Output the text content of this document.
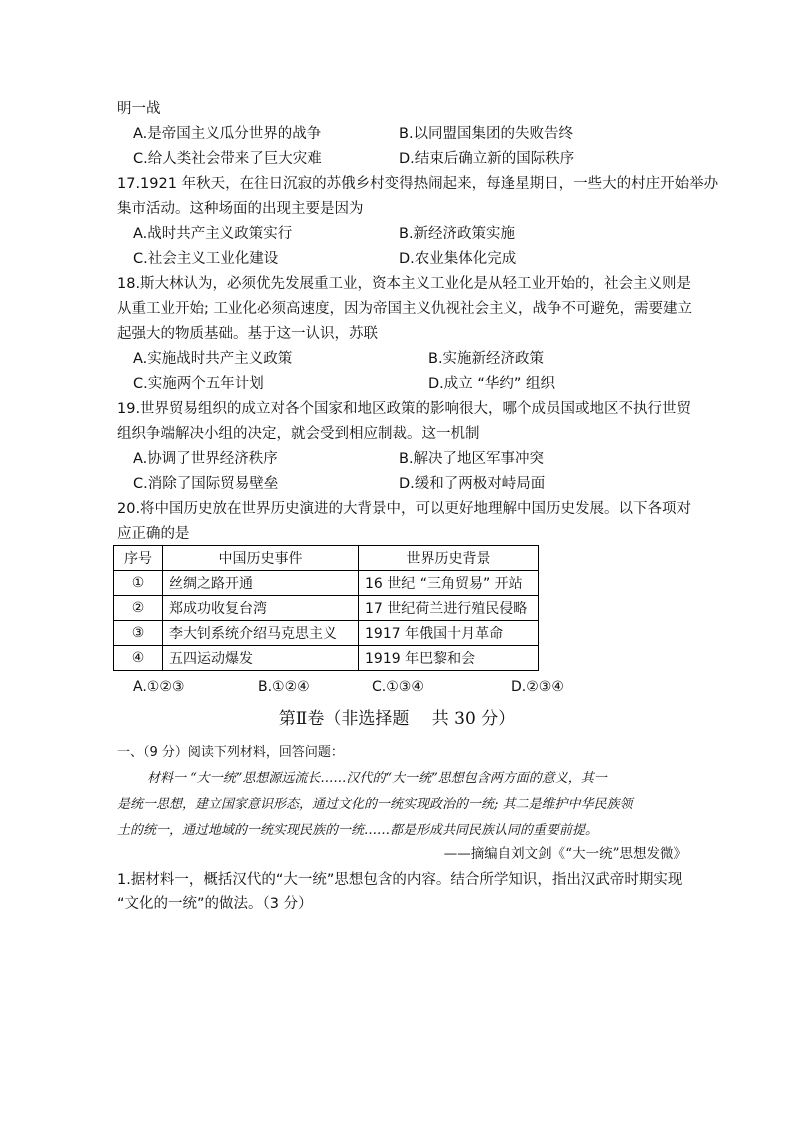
明一战
A.是帝国主义瓜分世界的战争	B.以同盟国集团的失败告终
C.给人类社会带来了巨大灾难	D.结束后确立新的国际秩序
17.1921 年秋天，在往日沉寂的苏俄乡村变得热闹起来，每逢星期日，一些大的村庄开始举办
集市活动。这种场面的出现主要是因为
A.战时共产主义政策实行	B.新经济政策实施
C.社会主义工业化建设	D.农业集体化完成
18.斯大林认为，必须优先发展重工业，资本主义工业化是从轻工业开始的，社会主义则是
从重工业开始; 工业化必须高速度，因为帝国主义仇视社会主义，战争不可避免，需要建立
起强大的物质基础。基于这一认识，苏联
A.实施战时共产主义政策	B.实施新经济政策
C.实施两个五年计划	D.成立 “华约” 组织
19.世界贸易组织的成立对各个国家和地区政策的影响很大，哪个成员国或地区不执行世贸
组织争端解决小组的决定，就会受到相应制裁。这一机制
A.协调了世界经济秩序	B.解决了地区军事冲突
C.消除了国际贸易壁垒	D.缓和了两极对峙局面
20.将中国历史放在世界历史演进的大背景中，可以更好地理解中国历史发展。以下各项对
应正确的是
序号	中国历史事件	世界历史背景
①	丝绸之路开通	16 世纪 “三角贸易” 开站
②	郑成功收复台湾	17 世纪荷兰进行殖民侵略
③	李大钊系统介绍马克思主义	1917 年俄国十月革命
④	五四运动爆发	1919 年巴黎和会
A.①②③	B.①②④	C.①③④	D.②③④
第Ⅱ卷（非选择题　 共 30 分）
一、（9 分）阅读下列材料，回答问题：
材料一 “大一统”思想源远流长……汉代的“大一统”思想包含两方面的意义，其一
是统一思想，建立国家意识形态，通过文化的一统实现政治的一统; 其二是维护中华民族领
土的统一，通过地域的一统实现民族的一统……都是形成共同民族认同的重要前提。
——摘编自刘文剑《“大一统”思想发微》
1.据材料一，概括汉代的“大一统”思想包含的内容。结合所学知识，指出汉武帝时期实现
“文化的一统”的做法。（3 分）
